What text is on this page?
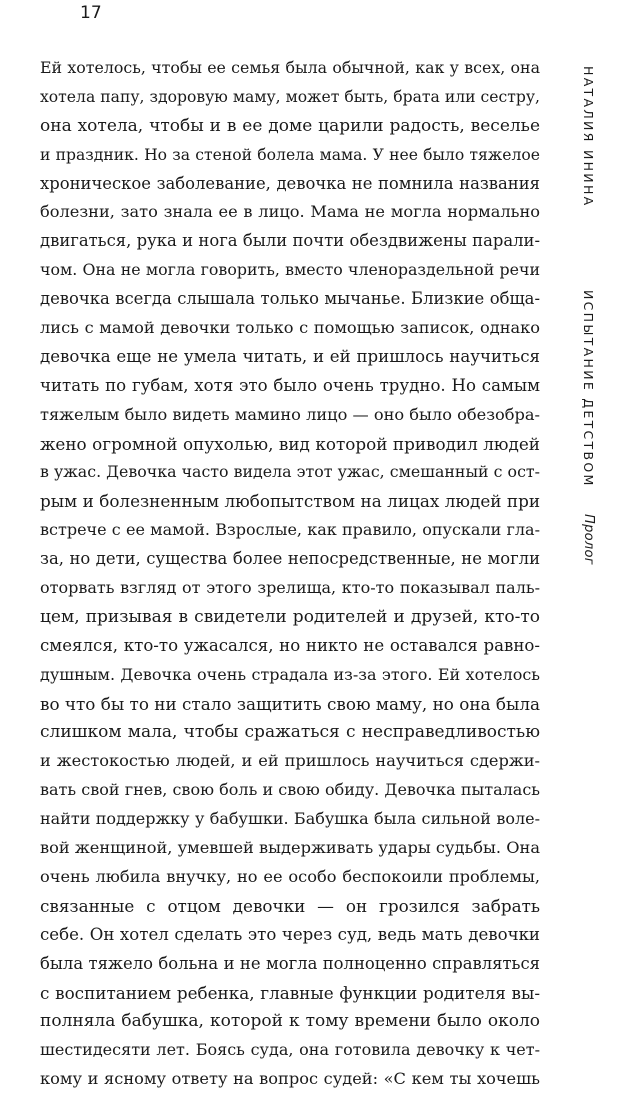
17
Ей хотелось, чтобы ее семья была обычной, как у всех, она
хотела папу, здоровую маму, может быть, брата или сестру,
она хотела, чтобы и в ее доме царили радость, веселье
и праздник. Но за стеной болела мама. У нее было тяжелое
хроническое заболевание, девочка не помнила названия
болезни, зато знала ее в лицо. Мама не могла нормально
двигаться, рука и нога были почти обездвижены парали-
чом. Она не могла говорить, вместо членораздельной речи
девочка всегда слышала только мычанье. Близкие обща-
лись с мамой девочки только с помощью записок, однако
девочка еще не умела читать, и ей пришлось научиться
читать по губам, хотя это было очень трудно. Но самым
тяжелым было видеть мамино лицо — оно было обезобра-
жено огромной опухолью, вид которой приводил людей
в ужас. Девочка часто видела этот ужас, смешанный с ост-
рым и болезненным любопытством на лицах людей при
встрече с ее мамой. Взрослые, как правило, опускали гла-
за, но дети, существа более непосредственные, не могли
оторвать взгляд от этого зрелища, кто-то показывал паль-
цем, призывая в свидетели родителей и друзей, кто-то
смеялся, кто-то ужасался, но никто не оставался равно-
душным. Девочка очень страдала из-за этого. Ей хотелось
во что бы то ни стало защитить свою маму, но она была
слишком мала, чтобы сражаться с несправедливостью
и жестокостью людей, и ей пришлось научиться сдержи-
вать свой гнев, свою боль и свою обиду. Девочка пыталась
найти поддержку у бабушки. Бабушка была сильной воле-
вой женщиной, умевшей выдерживать удары судьбы. Она
очень любила внучку, но ее особо беспокоили проблемы,
связанные с отцом девочки — он грозился забрать
себе. Он хотел сделать это через суд, ведь мать девочки
была тяжело больна и не могла полноценно справляться
с воспитанием ребенка, главные функции родителя вы-
полняла бабушка, которой к тому времени было около
шестидесяти лет. Боясь суда, она готовила девочку к чет-
кому и ясному ответу на вопрос судей: «С кем ты хочешь
НАТАЛИЯ ИНИНА
ИСПЫТАНИЕ ДЕТСТВОМ
Пролог
